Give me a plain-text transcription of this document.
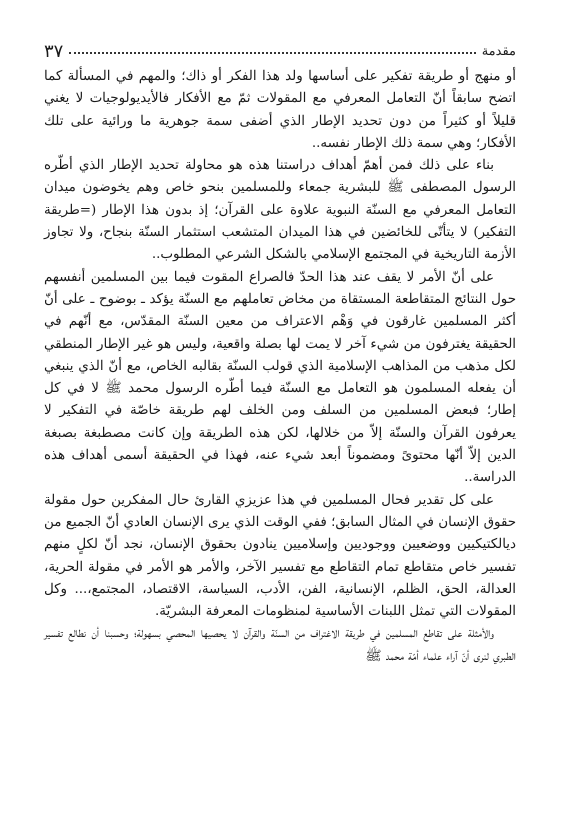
مقدمة
٣٧

أو منهج أو طريقة تفكير على أساسها ولد هذا الفكر أو ذاك؛ والمهم في المسألة كما اتضح سابقاً أنّ التعامل المعرفي مع المقولات ثمّ مع الأفكار فالأيديولوجيات لا يغني قليلاً أو كثيراً من دون تحديد الإطار الذي أضفى سمة جوهرية ما ورائية على تلك الأفكار؛ وهي سمة ذلك الإطار نفسه..

بناء على ذلك فمن أهمّ أهداف دراستنا هذه هو محاولة تحديد الإطار الذي أطّره الرسول المصطفى ﷺ للبشرية جمعاء وللمسلمين بنحو خاص وهم يخوضون ميدان التعامل المعرفي مع السنّة النبوية علاوة على القرآن؛ إذ بدون هذا الإطار (=طريقة التفكير) لا يتأتّى للخائضين في هذا الميدان المتشعب استثمار السنّة بنجاح، ولا تجاوز الأزمة التاريخية في المجتمع الإسلامي بالشكل الشرعي المطلوب..

على أنّ الأمر لا يقف عند هذا الحدّ فالصراع المقوت فيما بين المسلمين أنفسهم حول النتائج المتقاطعة المستقاة من مخاض تعاملهم مع السنّة يؤكد ـ بوضوح ـ على أنّ أكثر المسلمين غارقون في وَهْم الاعتراف من معين السنّة المقدّس، مع أنّهم في الحقيقة يغترفون من شيء آخر لا يمت لها بصلة واقعية، وليس هو غير الإطار المنطقي لكل مذهب من المذاهب الإسلامية الذي قولب السنّة بقالبه الخاص، مع أنّ الذي ينبغي أن يفعله المسلمون هو التعامل مع السنّة فيما أطّره الرسول محمد ﷺ لا في كل إطار؛ فبعض المسلمين من السلف ومن الخلف لهم طريقة خاصّة في التفكير لا يعرفون القرآن والسنّة إلاّ من خلالها، لكن هذه الطريقة وإن كانت مصطبغة بصبغة الدين إلاّ أنّها محتوىً ومضموناً أبعد شيء عنه، فهذا في الحقيقة أسمى أهداف هذه الدراسة..

على كل تقدير فحال المسلمين في هذا عزيزي القارئ حال المفكرين حول مقولة حقوق الإنسان في المثال السابق؛ ففي الوقت الذي يرى الإنسان العادي أنّ الجميع من ديالكتيكيين ووضعيين ووجوديين وإسلاميين ينادون بحقوق الإنسان، نجد أنّ لكلٍ منهم تفسير خاص متقاطع تمام التقاطع مع تفسير الآخر، والأمر هو الأمر في مقولة الحرية، العدالة، الحق، الظلم، الإنسانية، الفن، الأدب، السياسة، الاقتصاد، المجتمع،... وكل المقولات التي تمثل اللبنات الأساسية لمنظومات المعرفة البشريّة.

والأمثلة على تقاطع المسلمين في طريقة الاغتراف من السنّة والقرآن لا يحصيها المحصي بسهولة؛ وحسبنا أن نطالع تفسير الطبري لنرى أنّ آراء علماء أمّة محمد ﷺ
